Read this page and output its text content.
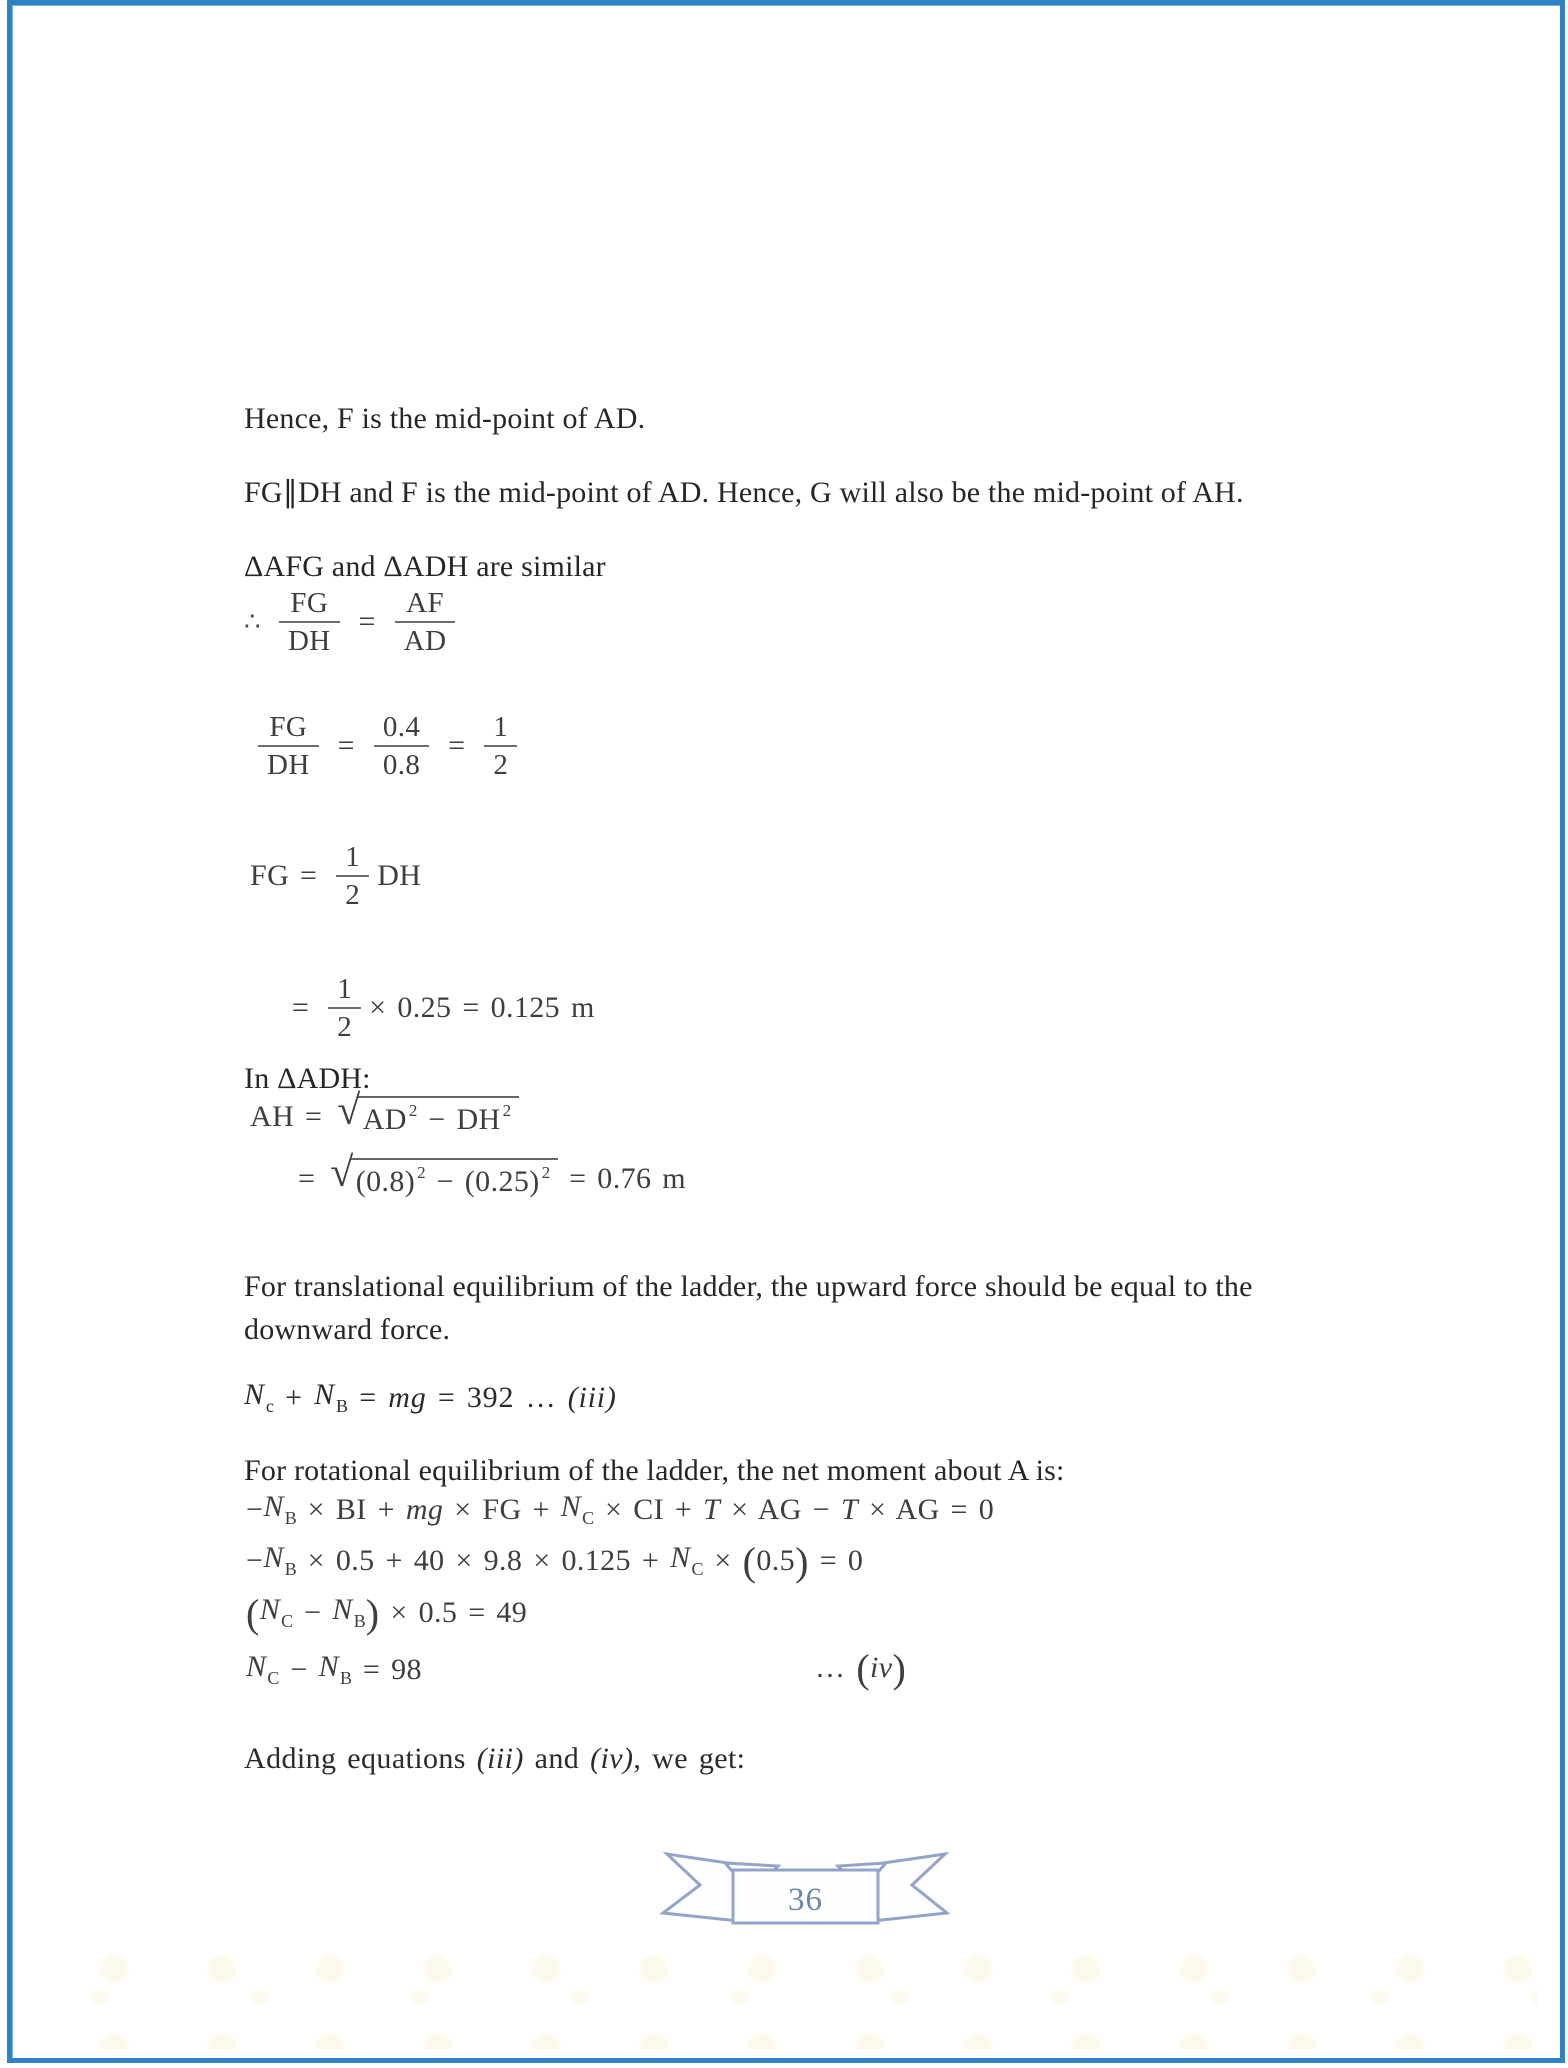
Hence, F is the mid-point of AD.
FG∥DH and F is the mid-point of AD. Hence, G will also be the mid-point of AH.
ΔAFG and ΔADH are similar
∴ $\frac{FG}{DH} = \frac{AF}{AD}$
$\frac{FG}{DH} = \frac{0.4}{0.8} = \frac{1}{2}$
FG = $\frac{1}{2}$ DH
= $\frac{1}{2} \times 0.25 = 0.125$ m
In ΔADH:
AH = √ AD $^2$ − DH $^2$
= √ (0.8) $^2$ − (0.25) $^2$ = 0.76 m
For translational equilibrium of the ladder, the upward force should be equal to the downward force.
$N_c + N_B$ = mg = 392 … (iii)
For rotational equilibrium of the ladder, the net moment about A is:
− $N_B$ × BI + mg × FG + $N_C$ × CI + T × AG − T × AG = 0
− $N_B \times 0.5 + 40 \times 9.8 \times 0.125 + N_C$ × ( 0.5 ) = 0
( $N_C - N_B$ ) × 0.5 = 49
$N_C - N_B = 98$	… ( iv )
Adding equations (iii) and (iv) , we get:
36
